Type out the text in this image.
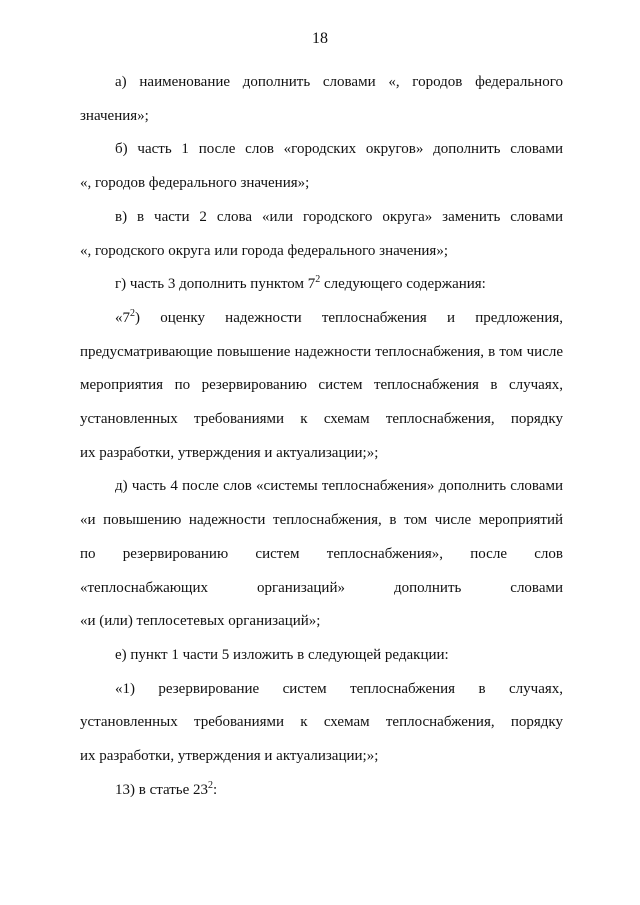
18

а) наименование дополнить словами «, городов федерального
значения»;

б) часть 1 после слов «городских округов» дополнить словами
«, городов федерального значения»;

в) в части 2 слова «или городского округа» заменить словами
«, городского округа или города федерального значения»;

г) часть 3 дополнить пунктом $7^2$ следующего содержания:

«$7^2$) оценку надежности теплоснабжения и предложения,
предусматривающие повышение надежности теплоснабжения, в том числе
мероприятия по резервированию систем теплоснабжения в случаях,
установленных требованиями к схемам теплоснабжения, порядку
их разработки, утверждения и актуализации;»;

д) часть 4 после слов «системы теплоснабжения» дополнить словами
«и повышению надежности теплоснабжения, в том числе мероприятий
по резервированию систем теплоснабжения», после слов
«теплоснабжающих организаций» дополнить словами
«и (или) теплосетевых организаций»;

е) пункт 1 части 5 изложить в следующей редакции:

«1) резервирование систем теплоснабжения в случаях,
установленных требованиями к схемам теплоснабжения, порядку
их разработки, утверждения и актуализации;»;

13) в статье $23^2$:
